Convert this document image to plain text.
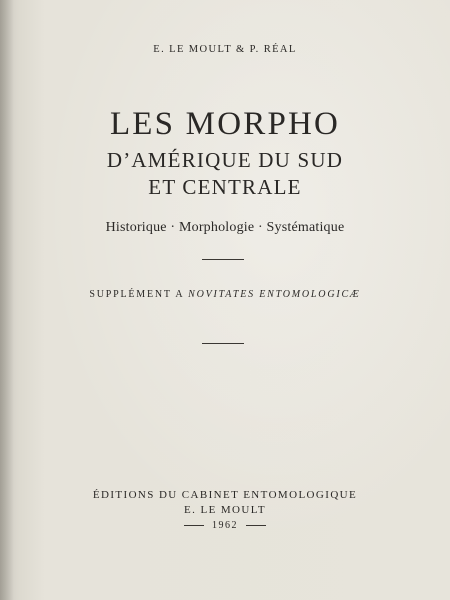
E. LE MOULT & P. RÉAL
LES MORPHO
D’AMÉRIQUE DU SUD
ET CENTRALE
Historique · Morphologie · Systématique
SUPPLÉMENT A NOVITATES ENTOMOLOGICÆ
ÉDITIONS DU CABINET ENTOMOLOGIQUE
E. LE MOULT
1962
